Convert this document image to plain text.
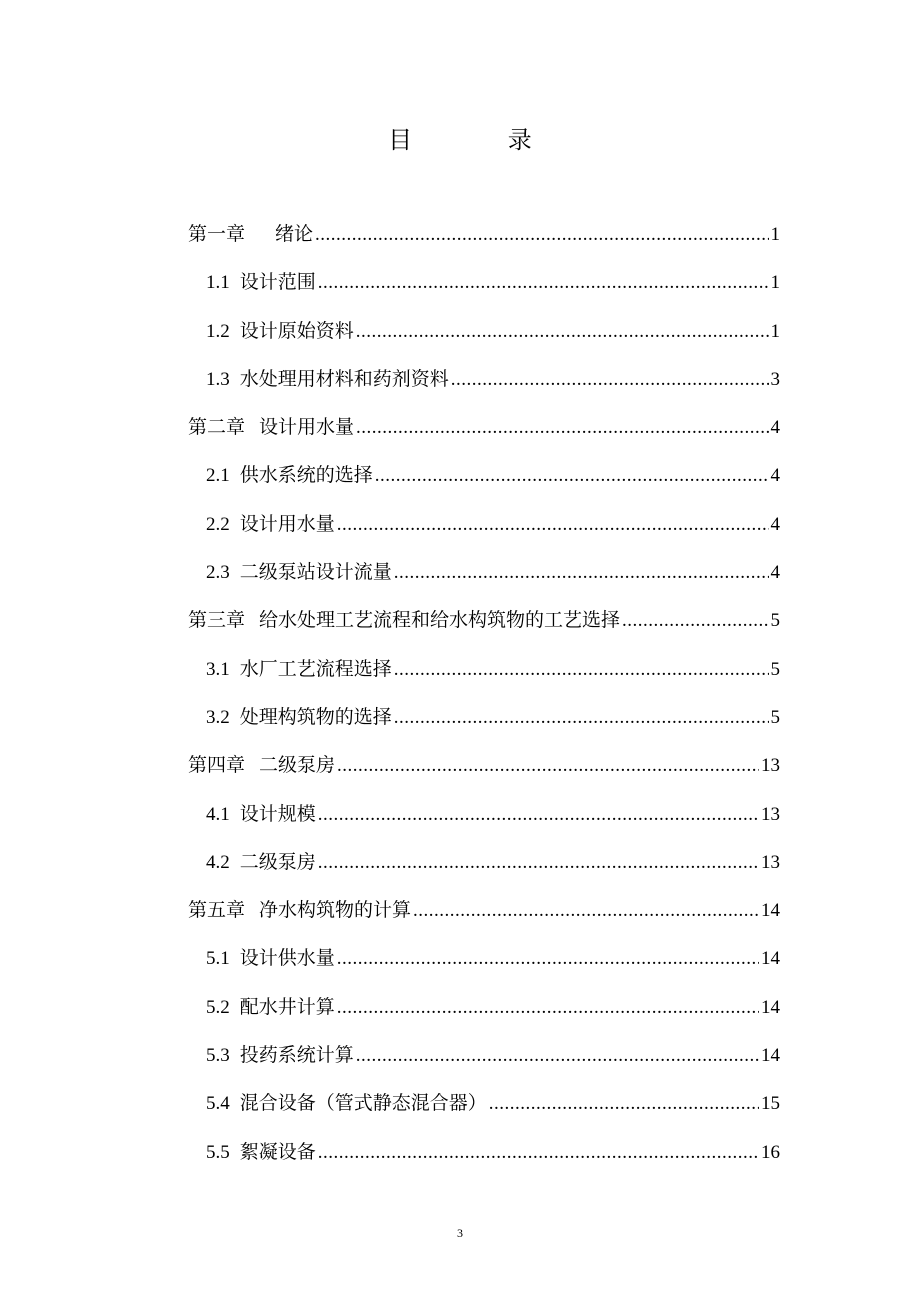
目 录
第一章 绪论 .....	1
1.1 设计范围 .....	1
1.2 设计原始资料 .....	1
1.3 水处理用材料和药剂资料 .....	3
第二章 设计用水量 .....	4
2.1 供水系统的选择 .....	4
2.2 设计用水量 .....	4
2.3 二级泵站设计流量 .....	4
第三章 给水处理工艺流程和给水构筑物的工艺选择 .....	5
3.1 水厂工艺流程选择 .....	5
3.2 处理构筑物的选择 .....	5
第四章 二级泵房 .....	13
4.1 设计规模 .....	13
4.2 二级泵房 .....	13
第五章 净水构筑物的计算 .....	14
5.1 设计供水量 .....	14
5.2 配水井计算 .....	14
5.3 投药系统计算 .....	14
5.4 混合设备（管式静态混合器） .....	15
5.5 絮凝设备 .....	16
3
